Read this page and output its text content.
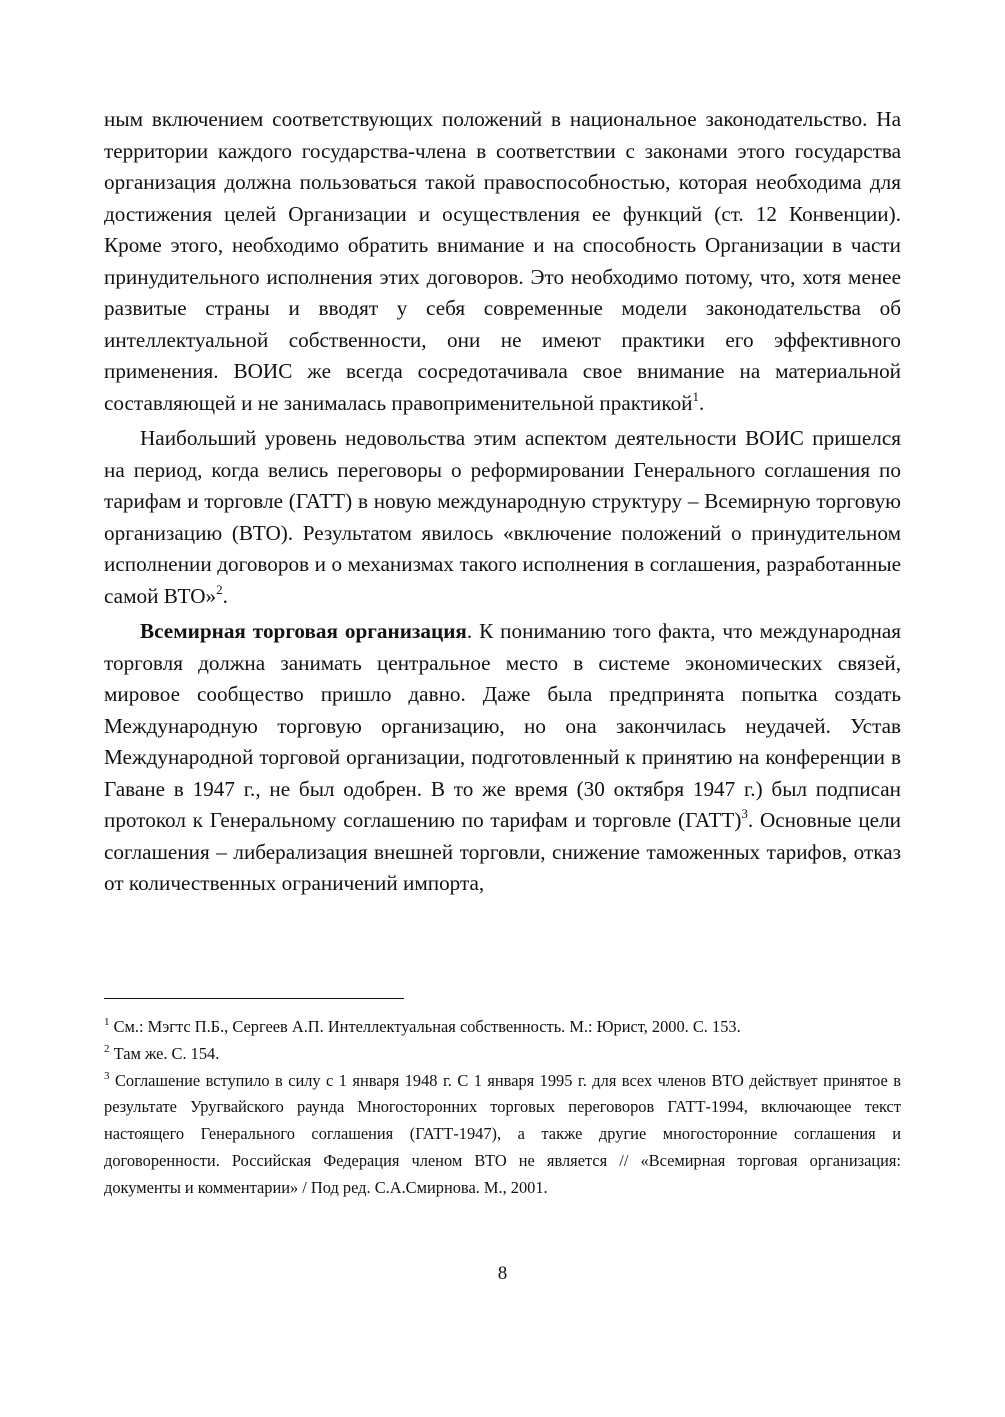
ным включением соответствующих положений в национальное законодательство. На территории каждого государства-члена в соответствии с законами этого государства организация должна пользоваться такой правоспособностью, которая необходима для достижения целей Организации и осуществления ее функций (ст. 12 Конвенции). Кроме этого, необходимо обратить внимание и на способность Организации в части принудительного исполнения этих договоров. Это необходимо потому, что, хотя менее развитые страны и вводят у себя современные модели законодательства об интеллектуальной собственности, они не имеют практики его эффективного применения. ВОИС же всегда сосредотачивала свое внимание на материальной составляющей и не занималась правоприменительной практикой$^1$.

Наибольший уровень недовольства этим аспектом деятельности ВОИС пришелся на период, когда велись переговоры о реформировании Генерального соглашения по тарифам и торговле (ГАТТ) в новую международную структуру – Всемирную торговую организацию (ВТО). Результатом явилось «включение положений о принудительном исполнении договоров и о механизмах такого исполнения в соглашения, разработанные самой ВТО»$^2$.

Всемирная торговая организация. К пониманию того факта, что международная торговля должна занимать центральное место в системе экономических связей, мировое сообщество пришло давно. Даже была предпринята попытка создать Международную торговую организацию, но она закончилась неудачей. Устав Международной торговой организации, подготовленный к принятию на конференции в Гаване в 1947 г., не был одобрен. В то же время (30 октября 1947 г.) был подписан протокол к Генеральному соглашению по тарифам и торговле (ГАТТ)$^3$. Основные цели соглашения – либерализация внешней торговли, снижение таможенных тарифов, отказ от количественных ограничений импорта,

$^1$ См.: Мэгтс П.Б., Сергеев А.П. Интеллектуальная собственность. М.: Юрист, 2000. С. 153.

$^2$ Там же. С. 154.

$^3$ Соглашение вступило в силу с 1 января 1948 г. С 1 января 1995 г. для всех членов ВТО действует принятое в результате Уругвайского раунда Многосторонних торговых переговоров ГАТТ-1994, включающее текст настоящего Генерального соглашения (ГАТТ-1947), а также другие многосторонние соглашения и договоренности. Российская Федерация членом ВТО не является // «Всемирная торговая организация: документы и комментарии» / Под ред. С.А.Смирнова. М., 2001.

8
